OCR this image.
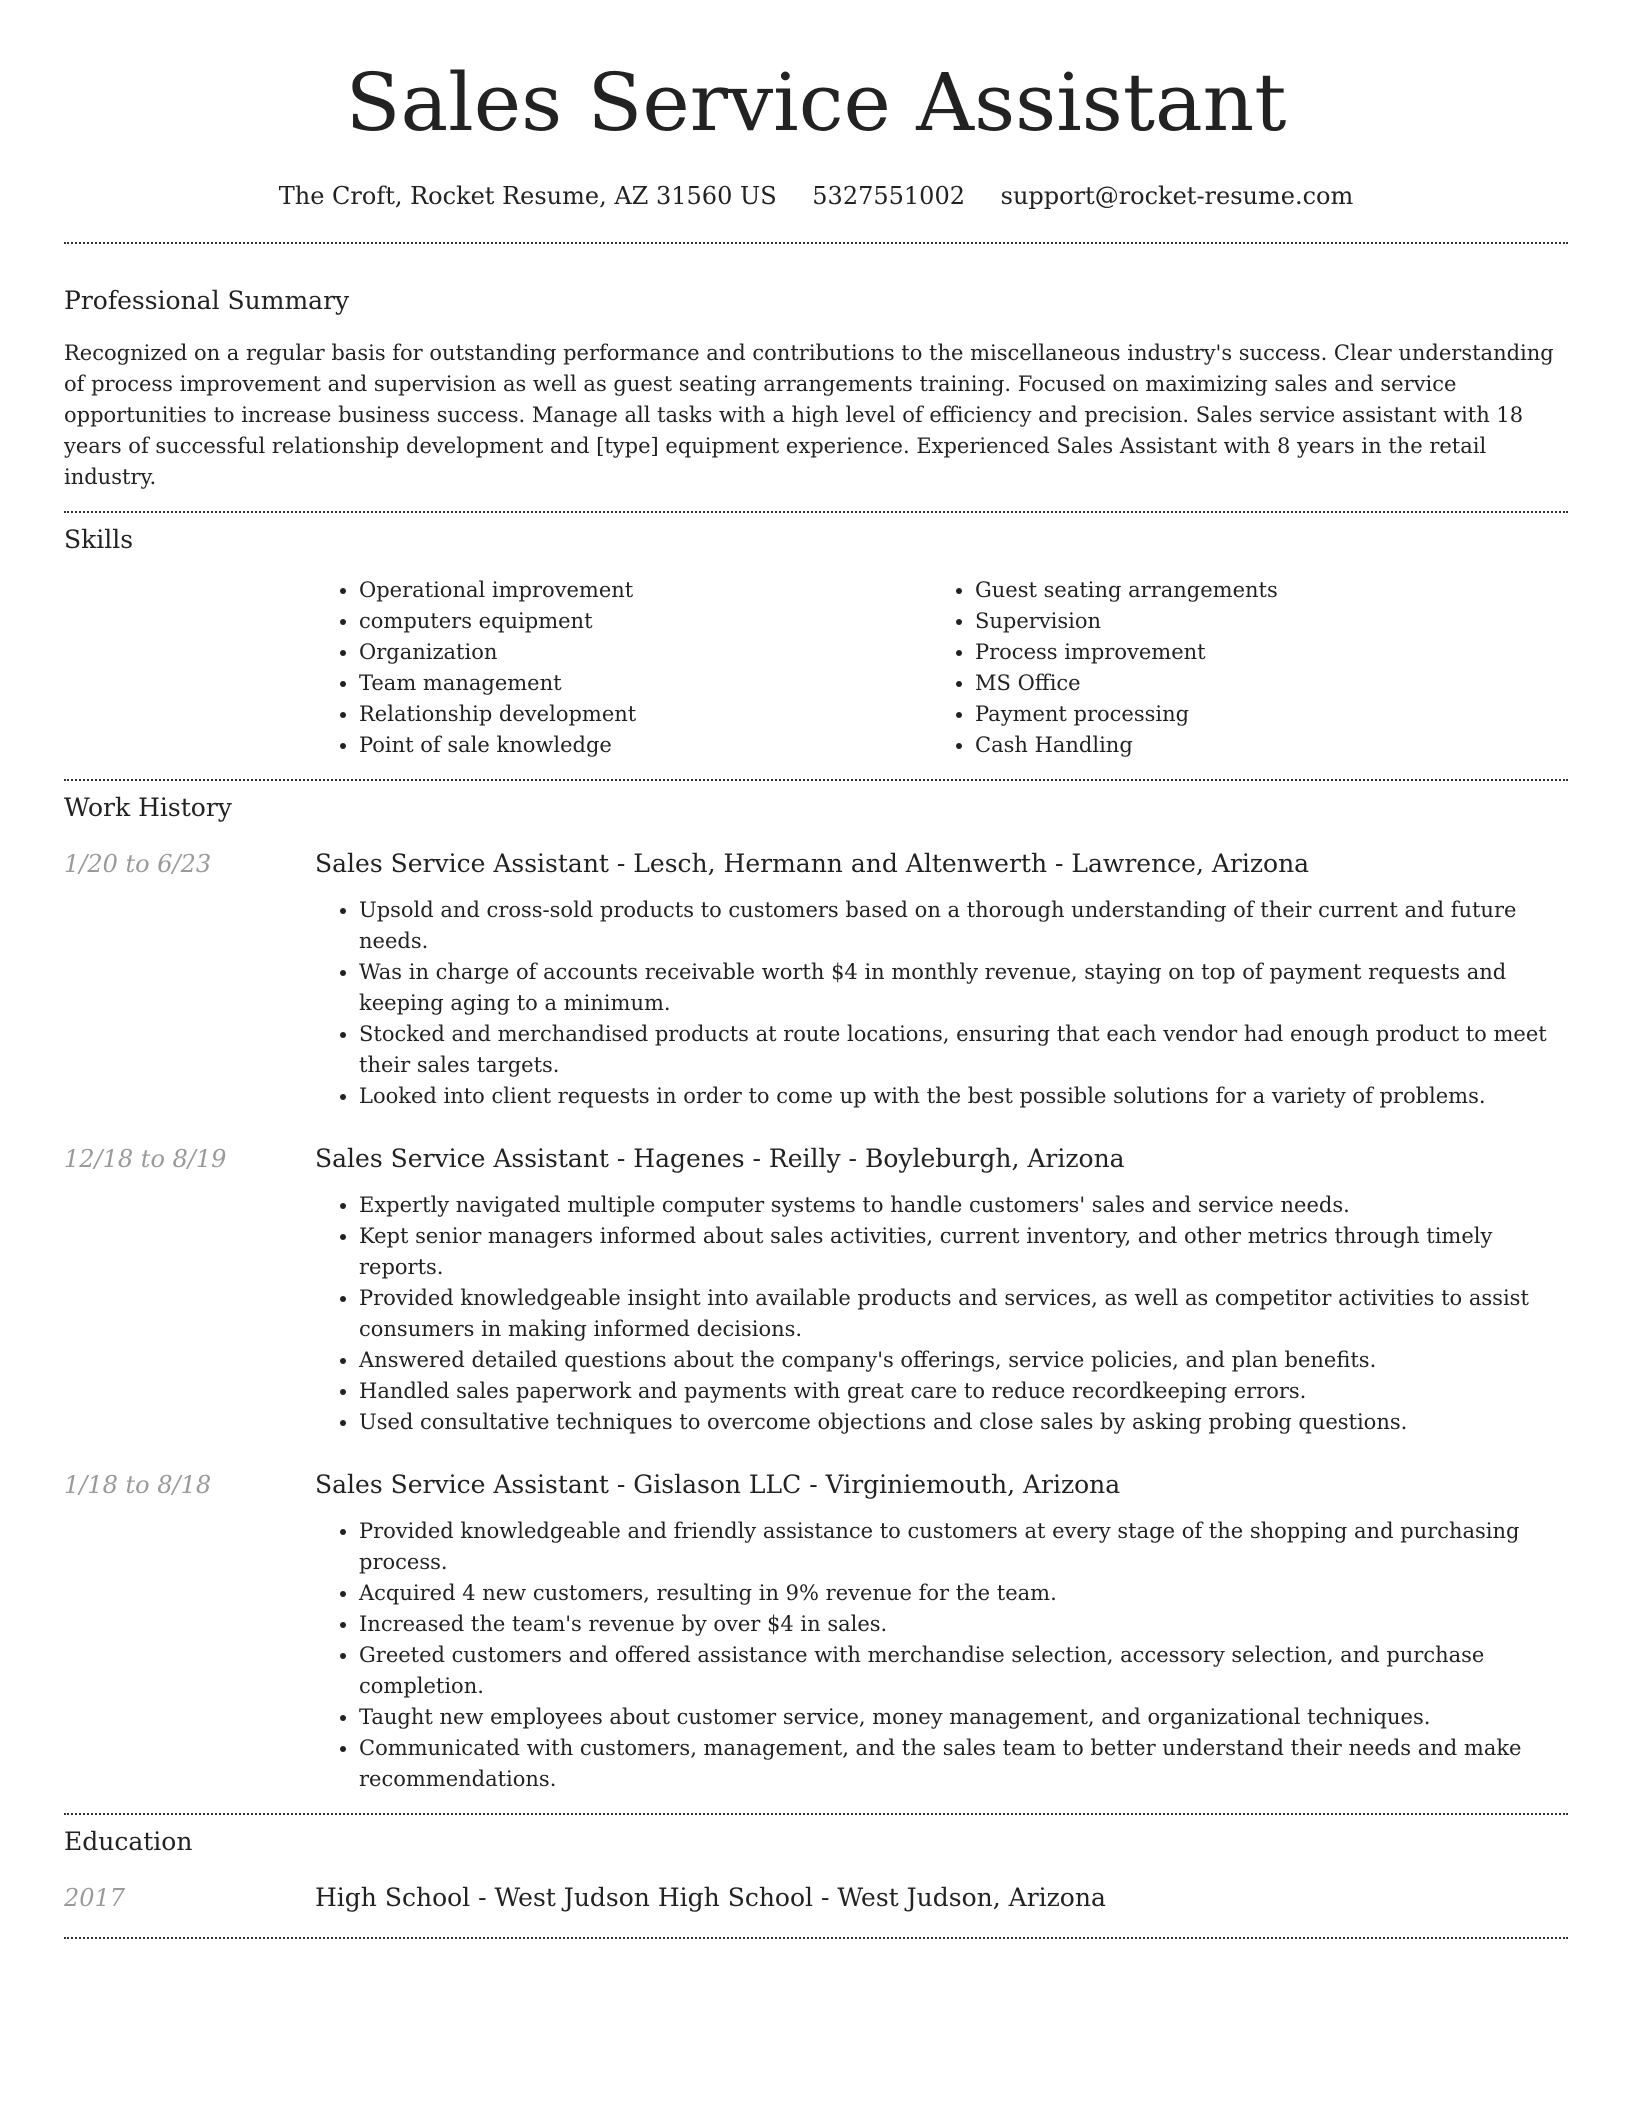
Sales Service Assistant
The Croft, Rocket Resume, AZ 31560 US 5327551002 support@rocket-resume.com
Professional Summary

Recognized on a regular basis for outstanding performance and contributions to the miscellaneous industry's success. Clear understanding of process improvement and supervision as well as guest seating arrangements training. Focused on maximizing sales and service opportunities to increase business success. Manage all tasks with a high level of efficiency and precision. Sales service assistant with 18 years of successful relationship development and [type] equipment experience. Experienced Sales Assistant with 8 years in the retail industry.

Skills
• Operational improvement
• computers equipment
• Organization
• Team management
• Relationship development
• Point of sale knowledge
• Guest seating arrangements
• Supervision
• Process improvement
• MS Office
• Payment processing
• Cash Handling
Work History
1/20 to 6/23	Sales Service Assistant - Lesch, Hermann and Altenwerth - Lawrence, Arizona
• Upsold and cross-sold products to customers based on a thorough understanding of their current and future needs.
• Was in charge of accounts receivable worth $4 in monthly revenue, staying on top of payment requests and keeping aging to a minimum.
• Stocked and merchandised products at route locations, ensuring that each vendor had enough product to meet their sales targets.
• Looked into client requests in order to come up with the best possible solutions for a variety of problems.
12/18 to 8/19	Sales Service Assistant - Hagenes - Reilly - Boyleburgh, Arizona
• Expertly navigated multiple computer systems to handle customers' sales and service needs.
• Kept senior managers informed about sales activities, current inventory, and other metrics through timely reports.
• Provided knowledgeable insight into available products and services, as well as competitor activities to assist consumers in making informed decisions.
• Answered detailed questions about the company's offerings, service policies, and plan benefits.
• Handled sales paperwork and payments with great care to reduce recordkeeping errors.
• Used consultative techniques to overcome objections and close sales by asking probing questions.
1/18 to 8/18	Sales Service Assistant - Gislason LLC - Virginiemouth, Arizona
• Provided knowledgeable and friendly assistance to customers at every stage of the shopping and purchasing process.
• Acquired 4 new customers, resulting in 9% revenue for the team.
• Increased the team's revenue by over $4 in sales.
• Greeted customers and offered assistance with merchandise selection, accessory selection, and purchase completion.
• Taught new employees about customer service, money management, and organizational techniques.
• Communicated with customers, management, and the sales team to better understand their needs and make recommendations.
Education
2017	High School - West Judson High School - West Judson, Arizona
